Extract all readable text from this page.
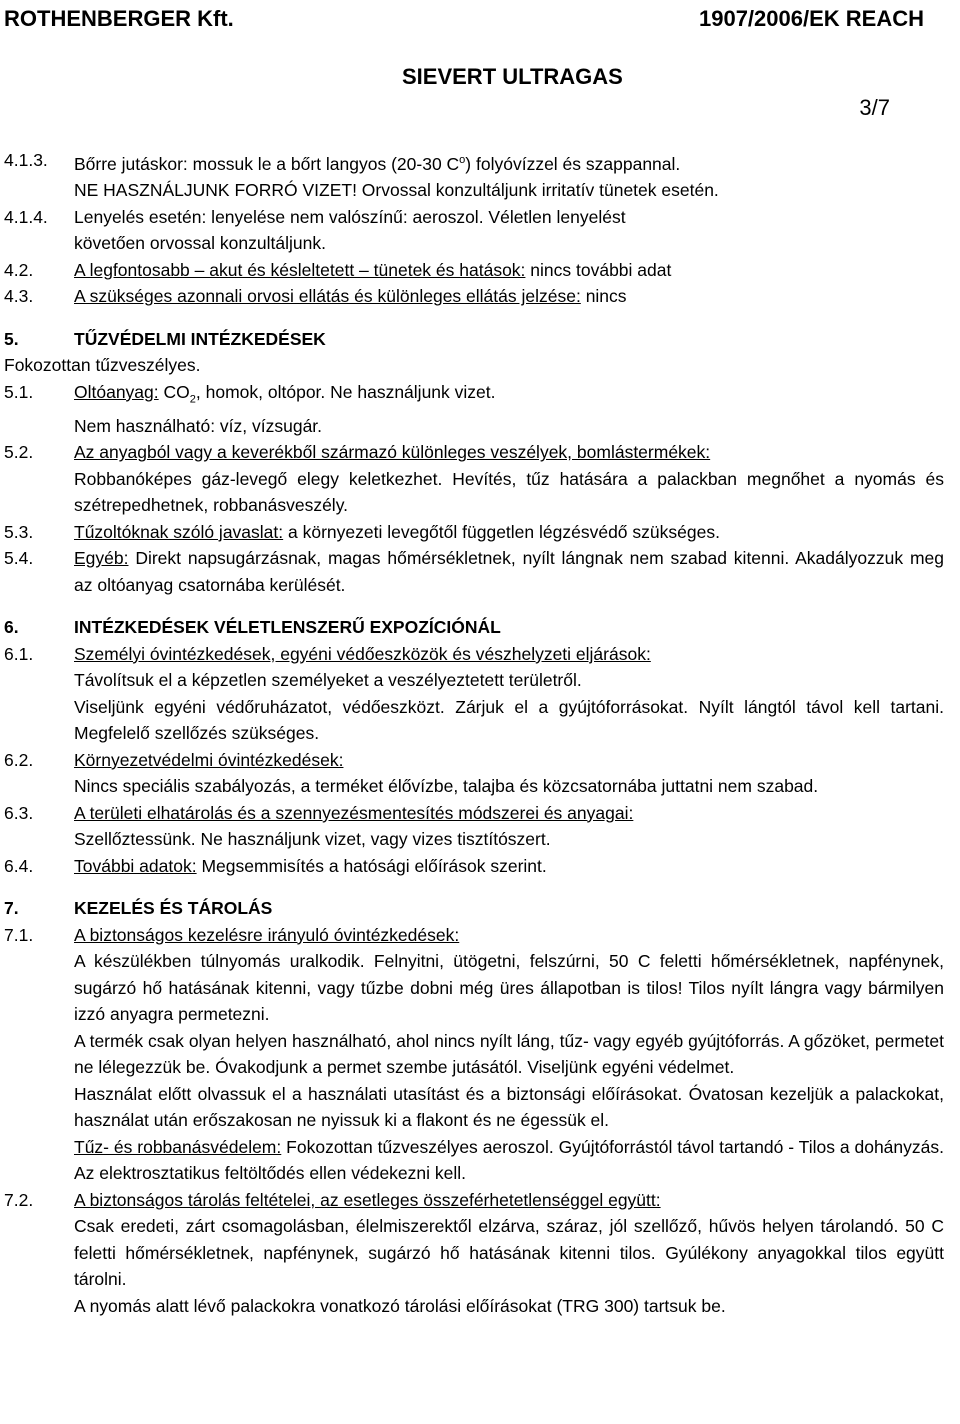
ROTHENBERGER Kft.	1907/2006/EK REACH
SIEVERT ULTRAGAS
3/7
4.1.3.	Bőrre jutáskor: mossuk le a bőrt langyos (20-30 $C^o$) folyóvízzel és szappannal.
NE HASZNÁLJUNK FORRÓ VIZET! Orvossal konzultáljunk irritatív tünetek esetén.
4.1.4.	Lenyelés esetén: lenyelése nem valószínű: aeroszol. Véletlen lenyelést
követően orvossal konzultáljunk.
4.2.	A legfontosabb – akut és késleltetett – tünetek és hatások: nincs további adat
4.3.	A szükséges azonnali orvosi ellátás és különleges ellátás jelzése: nincs
5.	TŰZVÉDELMI INTÉZKEDÉSEK
Fokozottan tűzveszélyes.
5.1.	Oltóanyag: $CO_2$, homok, oltópor. Ne használjunk vizet.
Nem használható: víz, vízsugár.
5.2.	Az anyagból vagy a keverékből származó különleges veszélyek, bomlástermékek:
Robbanóképes gáz-levegő elegy keletkezhet. Hevítés, tűz hatására a palackban megnőhet a nyomás és szétrepedhetnek, robbanásveszély.
5.3.	Tűzoltóknak szóló javaslat: a környezeti levegőtől független légzésvédő szükséges.
5.4.	Egyéb: Direkt napsugárzásnak, magas hőmérsékletnek, nyílt lángnak nem szabad kitenni. Akadályozzuk meg az oltóanyag csatornába kerülését.
6.	INTÉZKEDÉSEK VÉLETLENSZERŰ EXPOZÍCIÓNÁL
6.1.	Személyi óvintézkedések, egyéni védőeszközök és vészhelyzeti eljárások:
Távolítsuk el a képzetlen személyeket a veszélyeztetett területről.
Viseljünk egyéni védőruházatot, védőeszközt. Zárjuk el a gyújtóforrásokat. Nyílt lángtól távol kell tartani. Megfelelő szellőzés szükséges.
6.2.	Környezetvédelmi óvintézkedések:
Nincs speciális szabályozás, a terméket élővízbe, talajba és közcsatornába juttatni nem szabad.
6.3.	A területi elhatárolás és a szennyezésmentesítés módszerei és anyagai:
Szellőztessünk. Ne használjunk vizet, vagy vizes tisztítószert.
6.4.	További adatok: Megsemmisítés a hatósági előírások szerint.
7.	KEZELÉS ÉS TÁROLÁS
7.1.	A biztonságos kezelésre irányuló óvintézkedések:
A készülékben túlnyomás uralkodik. Felnyitni, ütögetni, felszúrni, 50 C feletti hőmérsékletnek, napfénynek, sugárzó hő hatásának kitenni, vagy tűzbe dobni még üres állapotban is tilos! Tilos nyílt lángra vagy bármilyen izzó anyagra permetezni.
A termék csak olyan helyen használható, ahol nincs nyílt láng, tűz- vagy egyéb gyújtóforrás. A gőzöket, permetet ne lélegezzük be. Óvakodjunk a permet szembe jutásától. Viseljünk egyéni védelmet.
Használat előtt olvassuk el a használati utasítást és a biztonsági előírásokat. Óvatosan kezeljük a palackokat, használat után erőszakosan ne nyissuk ki a flakont és ne égessük el.
Tűz- és robbanásvédelem: Fokozottan tűzveszélyes aeroszol. Gyújtóforrástól távol tartandó - Tilos a dohányzás. Az elektrosztatikus feltöltődés ellen védekezni kell.
7.2.	A biztonságos tárolás feltételei, az esetleges összeférhetetlenséggel együtt:
Csak eredeti, zárt csomagolásban, élelmiszerektől elzárva, száraz, jól szellőző, hűvös helyen tárolandó. 50 C feletti hőmérsékletnek, napfénynek, sugárzó hő hatásának kitenni tilos. Gyúlékony anyagokkal tilos együtt tárolni.
A nyomás alatt lévő palackokra vonatkozó tárolási előírásokat (TRG 300) tartsuk be.
